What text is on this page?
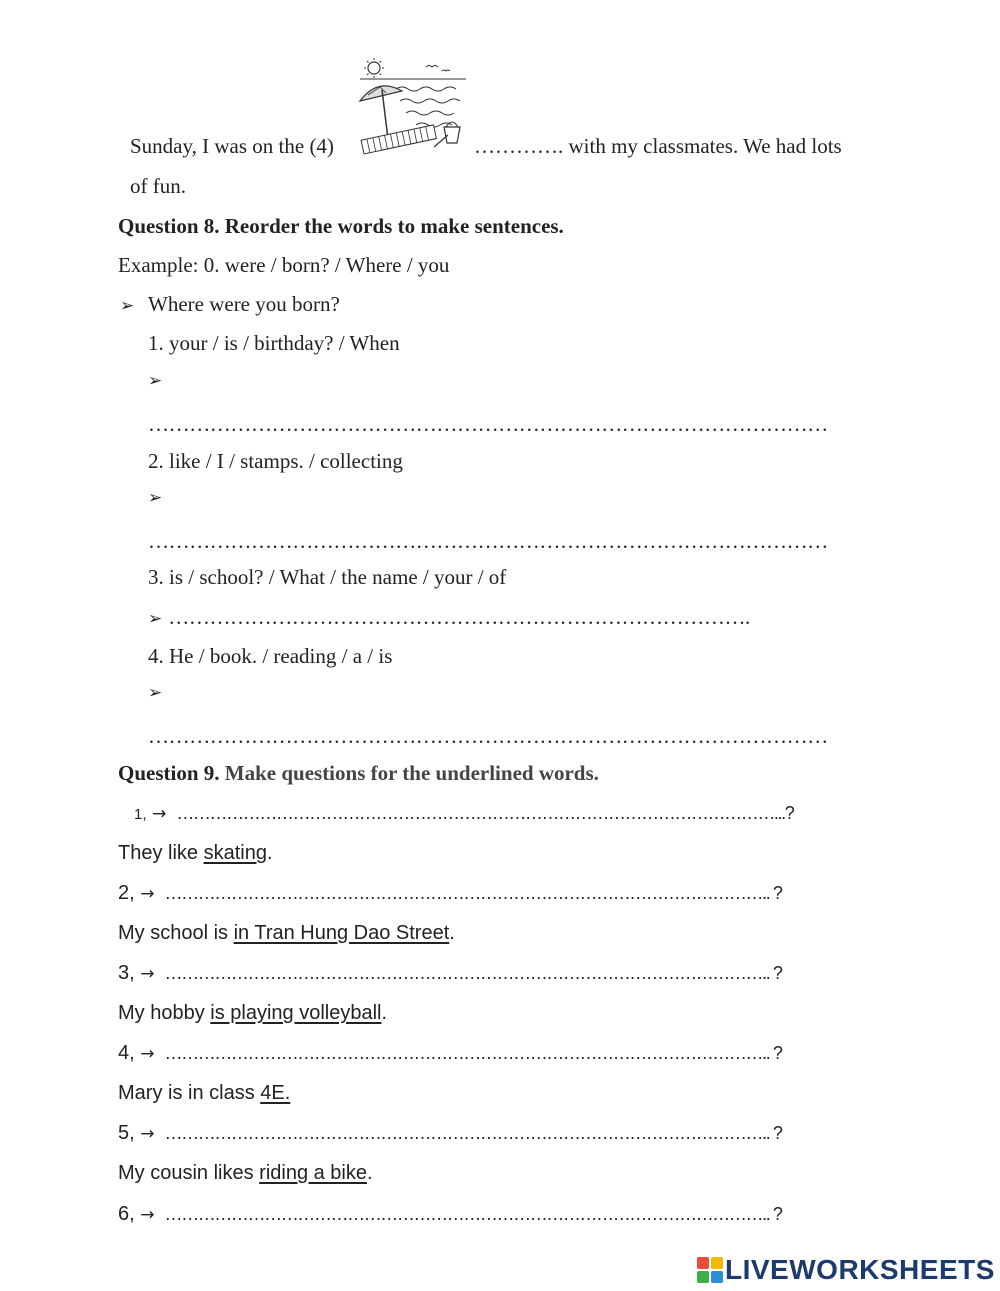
Sunday, I was on the (4)	…………. with my classmates. We had lots
of fun.
Question 8. Reorder the words to make sentences.
Example: 0. were / born? / Where / you
➢ Where were you born?
1. your / is / birthday? / When
➢
………………………………………………………………………………………
2. like / I / stamps. / collecting
➢
………………………………………………………………………………………
3. is / school? / What / the name / your / of
➢ ………………………………………………………………………….
4. He / book. / reading / a / is
➢
………………………………………………………………………………………
Question 9. Make questions for the underlined words.
1, → ………………………………………………………………………………………………...?
They like skating.
2, → ……………………………………………………………………………………………….. ?
My school is in Tran Hung Dao Street.
3, → ……………………………………………………………………………………………….. ?
My hobby is playing volleyball.
4, → ……………………………………………………………………………………………….. ?
Mary is in class 4E.
5, → ……………………………………………………………………………………………….. ?
My cousin likes riding a bike.
6, → ……………………………………………………………………………………………….. ?
LIVEWORKSHEETS
